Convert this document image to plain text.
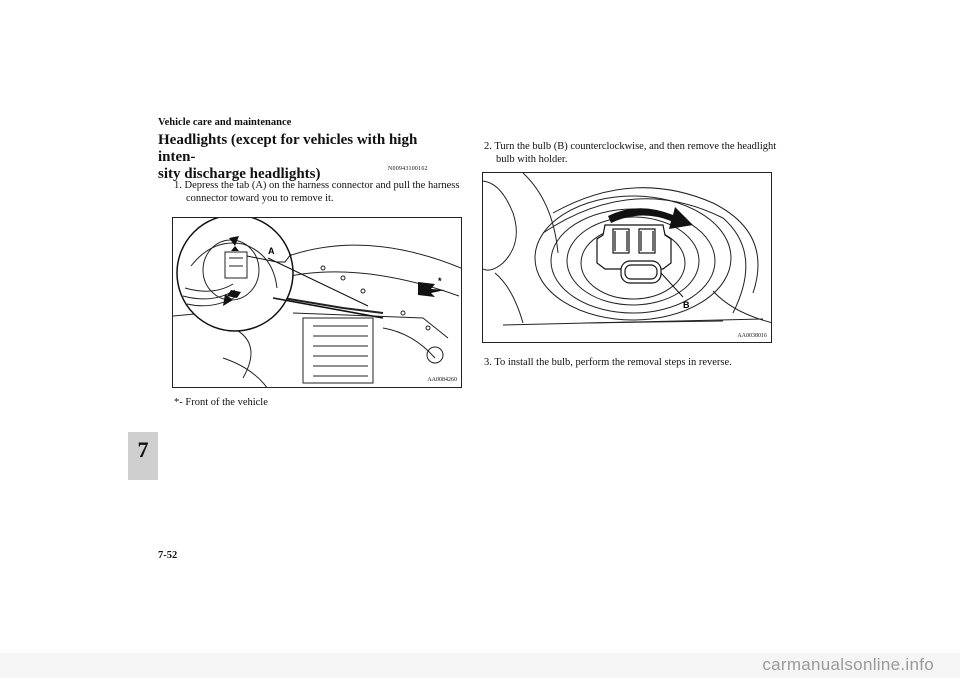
Vehicle care and maintenance
Headlights (except for vehicles with high inten-
sity discharge headlights)	N00943100162
1. Depress the tab (A) on the harness connector and pull the harness connector toward you to remove it.
A
*
AA0084260
*- Front of the vehicle
2. Turn the bulb (B) counterclockwise, and then remove the headlight bulb with holder.
B
AA0038016
3. To install the bulb, perform the removal steps in reverse.
7
7-52
carmanualsonline.info
